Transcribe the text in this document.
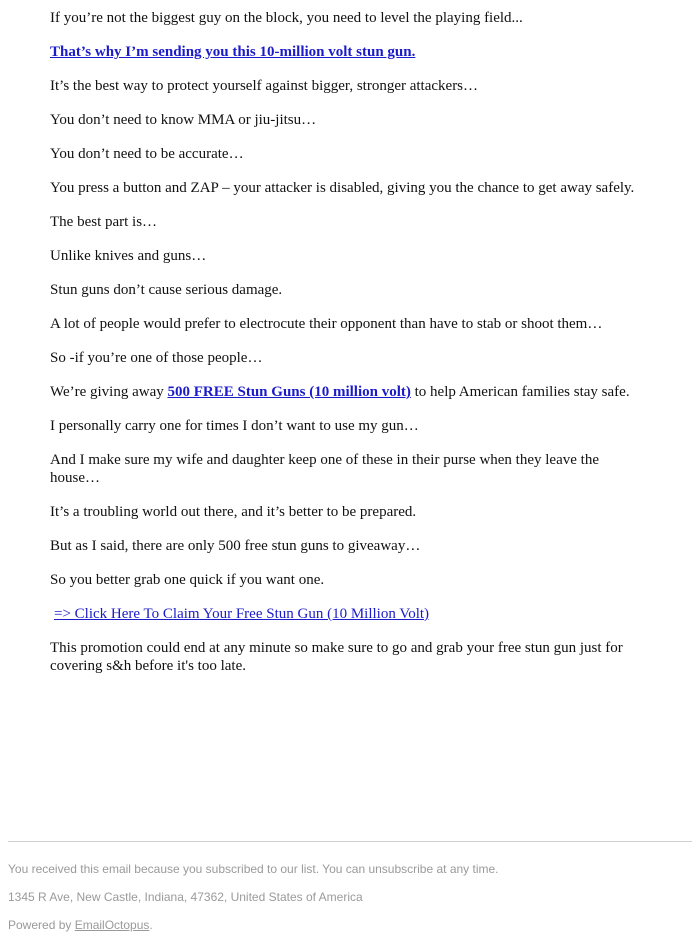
If you’re not the biggest guy on the block, you need to level the playing field...

That’s why I’m sending you this 10-million volt stun gun.

It’s the best way to protect yourself against bigger, stronger attackers…

You don’t need to know MMA or jiu-jitsu…

You don’t need to be accurate…

You press a button and ZAP – your attacker is disabled, giving you the chance to get away safely.

The best part is…

Unlike knives and guns…

Stun guns don’t cause serious damage.

A lot of people would prefer to electrocute their opponent than have to stab or shoot them…

So -if you’re one of those people…

We’re giving away 500 FREE Stun Guns (10 million volt) to help American families stay safe.

I personally carry one for times I don’t want to use my gun…

And I make sure my wife and daughter keep one of these in their purse when they leave the house…

It’s a troubling world out there, and it’s better to be prepared.

But as I said, there are only 500 free stun guns to giveaway…

So you better grab one quick if you want one.

=> Click Here To Claim Your Free Stun Gun (10 Million Volt)

This promotion could end at any minute so make sure to go and grab your free stun gun just for covering s&h before it's too late.

You received this email because you subscribed to our list. You can unsubscribe at any time.
1345 R Ave, New Castle, Indiana, 47362, United States of America
Powered by EmailOctopus.
